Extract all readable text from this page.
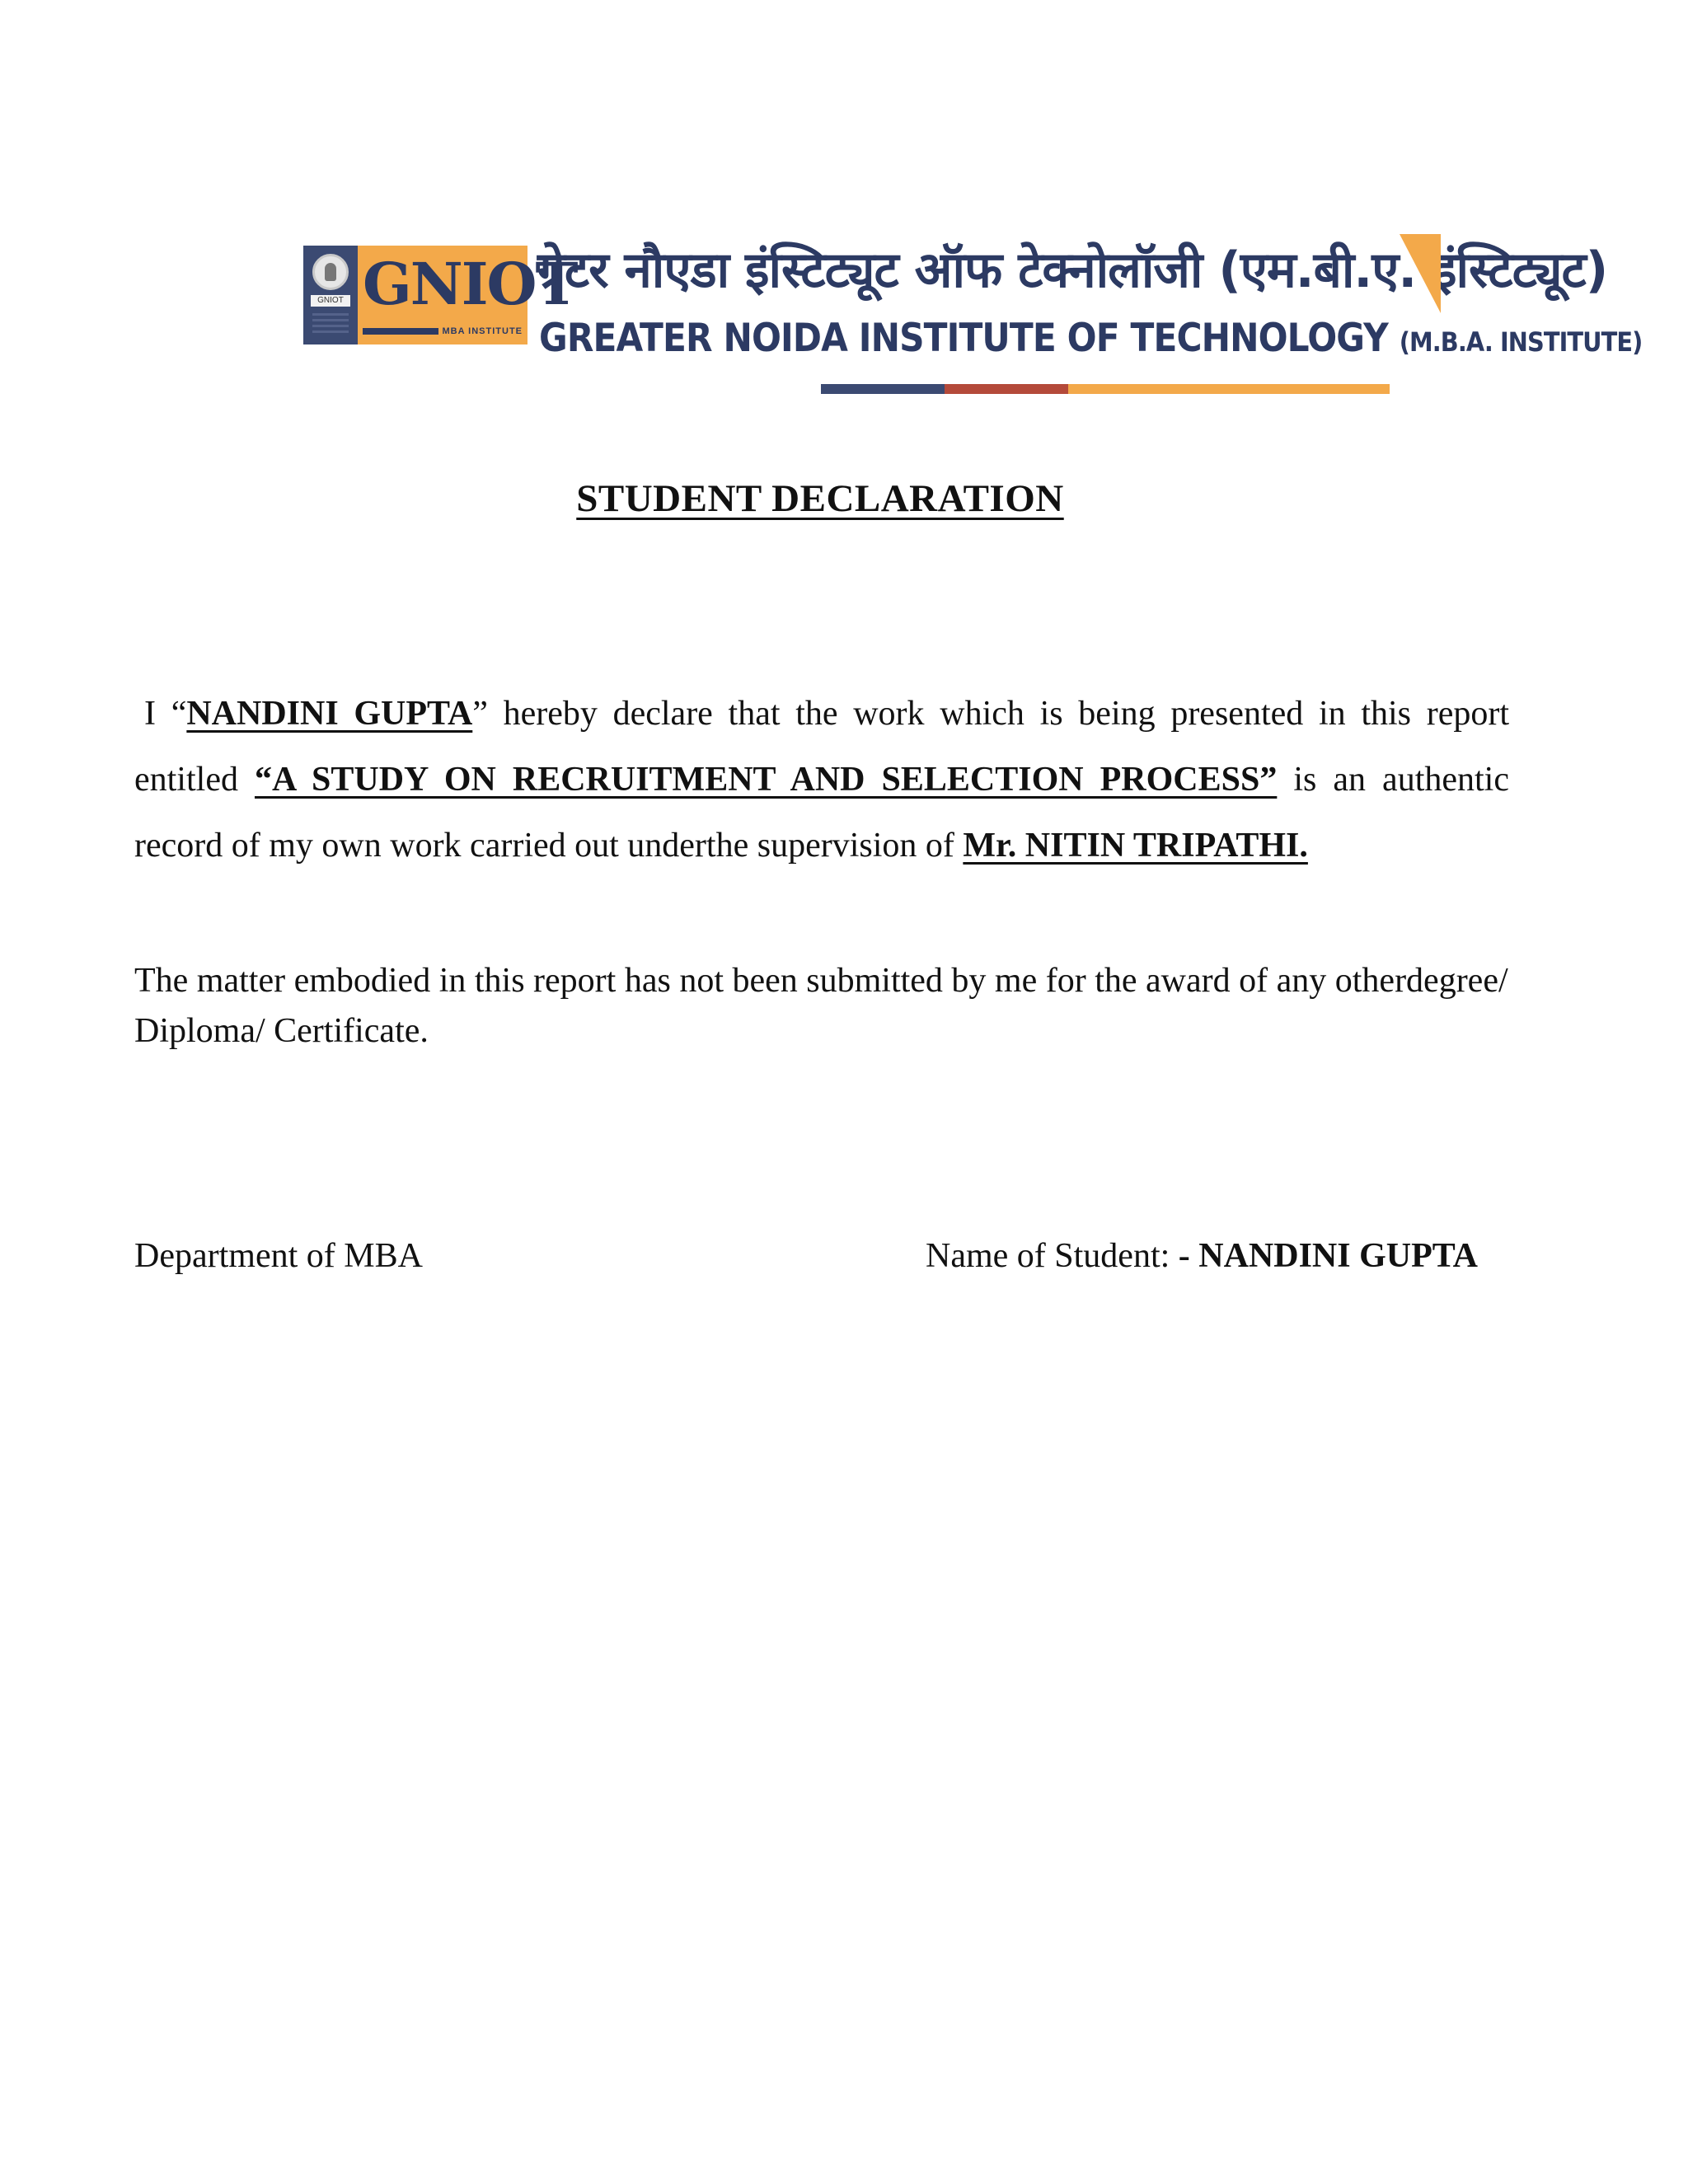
GNIOT GNIOT
MBA INSTITUTE
ग्रेटर नौएडा इंस्टिट्यूट ऑफ टेक्नोलॉजी (एम.बी.ए. इंस्टिट्यूट)
GREATER NOIDA INSTITUTE OF TECHNOLOGY (M.B.A. INSTITUTE)
STUDENT DECLARATION
I “NANDINI GUPTA” hereby declare that the work which is being presented in this report entitled “A STUDY ON RECRUITMENT AND SELECTION PROCESS” is an authentic record of my own work carried out underthe supervision of Mr. NITIN TRIPATHI.
The matter embodied in this report has not been submitted by me for the award of any otherdegree/ Diploma/ Certificate.
Department of MBA	Name of Student: - NANDINI GUPTA
